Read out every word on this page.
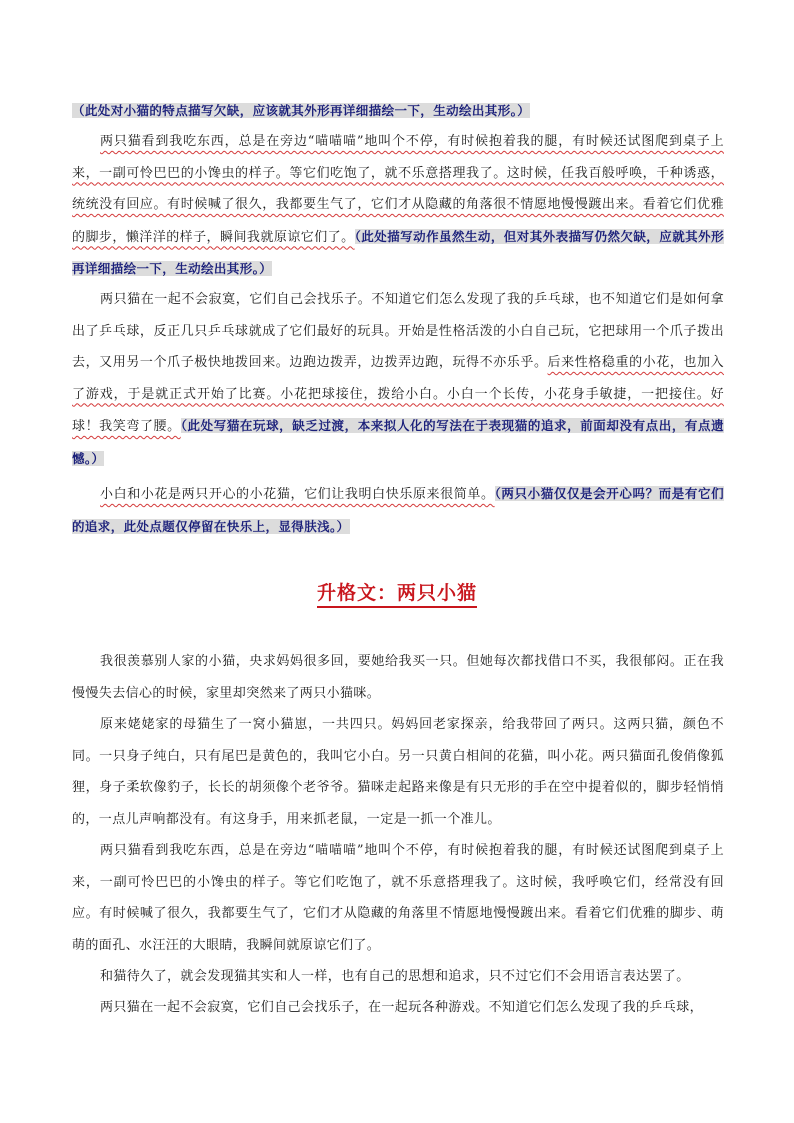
（此处对小猫的特点描写欠缺，应该就其外形再详细描绘一下，生动绘出其形。）

两只猫看到我吃东西，总是在旁边“喵喵喵”地叫个不停，有时候抱着我的腿，有时候还试图爬到桌子上来，一副可怜巴巴的小馋虫的样子。等它们吃饱了，就不乐意搭理我了。这时候，任我百般呼唤，千种诱惑，统统没有回应。有时候喊了很久，我都要生气了，它们才从隐藏的角落很不情愿地慢慢踱出来。看着它们优雅的脚步，懒洋洋的样子，瞬间我就原谅它们了。（此处描写动作虽然生动，但对其外表描写仍然欠缺，应就其外形再详细描绘一下，生动绘出其形。）

两只猫在一起不会寂寞，它们自己会找乐子。不知道它们怎么发现了我的乒乓球，也不知道它们是如何拿出了乒乓球，反正几只乒乓球就成了它们最好的玩具。开始是性格活泼的小白自己玩，它把球用一个爪子拨出去，又用另一个爪子极快地拨回来。边跑边拨弄，边拨弄边跑，玩得不亦乐乎。后来性格稳重的小花，也加入了游戏，于是就正式开始了比赛。小花把球接住，拨给小白。小白一个长传，小花身手敏捷，一把接住。好球！我笑弯了腰。（此处写猫在玩球，缺乏过渡，本来拟人化的写法在于表现猫的追求，前面却没有点出，有点遗憾。）

小白和小花是两只开心的小花猫，它们让我明白快乐原来很简单。（两只小猫仅仅是会开心吗？而是有它们的追求，此处点题仅停留在快乐上，显得肤浅。）

升格文：两只小猫

我很羡慕别人家的小猫，央求妈妈很多回，要她给我买一只。但她每次都找借口不买，我很郁闷。正在我慢慢失去信心的时候，家里却突然来了两只小猫咪。

原来姥姥家的母猫生了一窝小猫崽，一共四只。妈妈回老家探亲，给我带回了两只。这两只猫，颜色不同。一只身子纯白，只有尾巴是黄色的，我叫它小白。另一只黄白相间的花猫，叫小花。两只猫面孔俊俏像狐狸，身子柔软像豹子，长长的胡须像个老爷爷。猫咪走起路来像是有只无形的手在空中提着似的，脚步轻悄悄的，一点儿声响都没有。有这身手，用来抓老鼠，一定是一抓一个准儿。

两只猫看到我吃东西，总是在旁边“喵喵喵”地叫个不停，有时候抱着我的腿，有时候还试图爬到桌子上来，一副可怜巴巴的小馋虫的样子。等它们吃饱了，就不乐意搭理我了。这时候，我呼唤它们，经常没有回应。有时候喊了很久，我都要生气了，它们才从隐藏的角落里不情愿地慢慢踱出来。看着它们优雅的脚步、萌萌的面孔、水汪汪的大眼睛，我瞬间就原谅它们了。

和猫待久了，就会发现猫其实和人一样，也有自己的思想和追求，只不过它们不会用语言表达罢了。

两只猫在一起不会寂寞，它们自己会找乐子，在一起玩各种游戏。不知道它们怎么发现了我的乒乓球，
